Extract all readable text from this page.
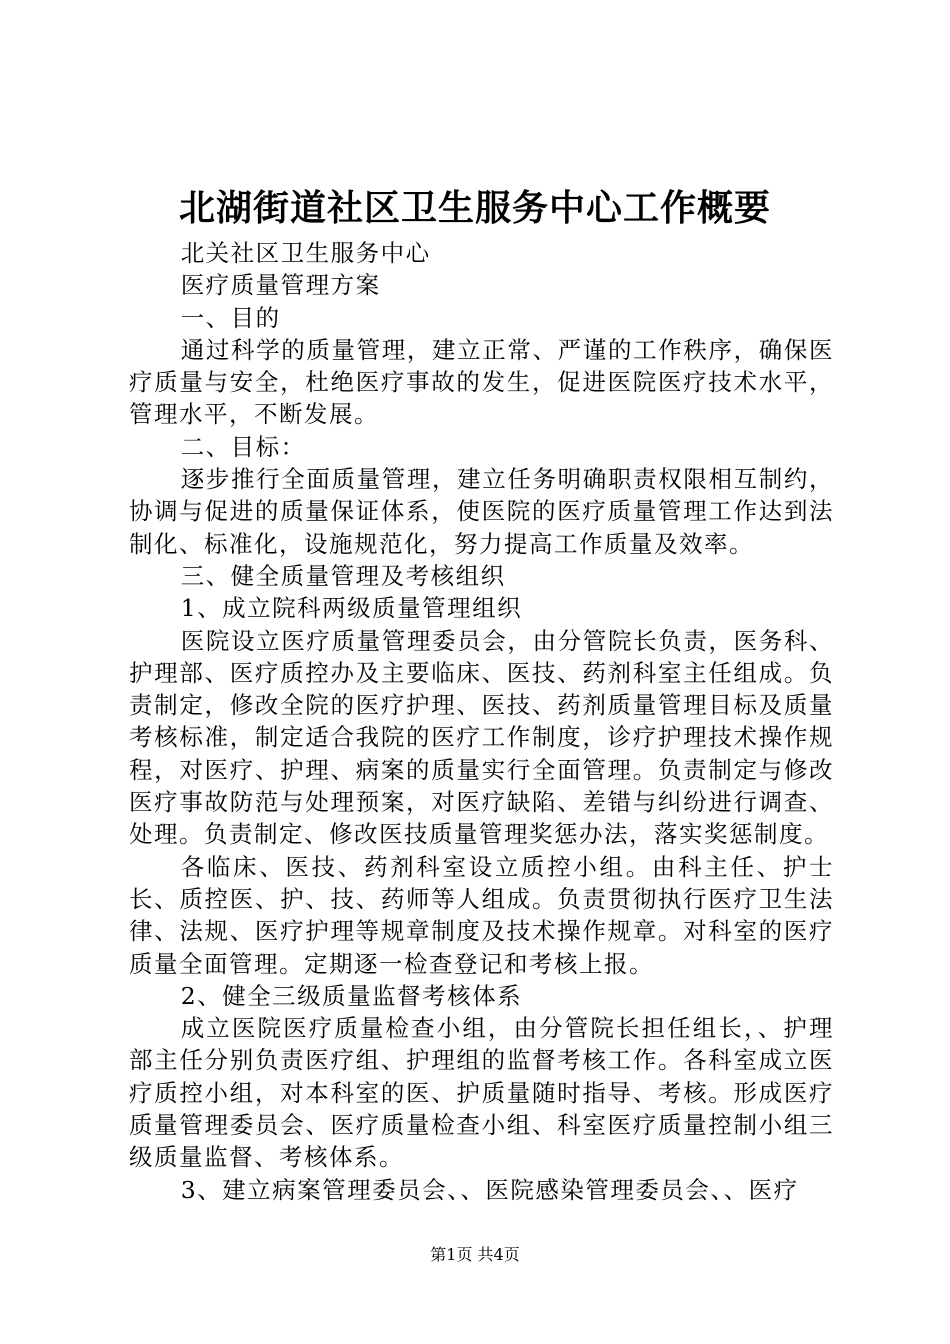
北湖街道社区卫生服务中心工作概要

北关社区卫生服务中心

医疗质量管理方案

一、目的

通过科学的质量管理，建立正常、严谨的工作秩序，确保医疗质量与安全，杜绝医疗事故的发生，促进医院医疗技术水平，管理水平，不断发展。

二、目标：

逐步推行全面质量管理，建立任务明确职责权限相互制约，协调与促进的质量保证体系，使医院的医疗质量管理工作达到法制化、标准化，设施规范化，努力提高工作质量及效率。

三、健全质量管理及考核组织

1、成立院科两级质量管理组织

医院设立医疗质量管理委员会，由分管院长负责，医务科、护理部、医疗质控办及主要临床、医技、药剂科室主任组成。负责制定，修改全院的医疗护理、医技、药剂质量管理目标及质量考核标准，制定适合我院的医疗工作制度，诊疗护理技术操作规程，对医疗、护理、病案的质量实行全面管理。负责制定与修改医疗事故防范与处理预案，对医疗缺陷、差错与纠纷进行调查、处理。负责制定、修改医技质量管理奖惩办法，落实奖惩制度。

各临床、医技、药剂科室设立质控小组。由科主任、护士长、质控医、护、技、药师等人组成。负责贯彻执行医疗卫生法律、法规、医疗护理等规章制度及技术操作规章。对科室的医疗质量全面管理。定期逐一检查登记和考核上报。

2、健全三级质量监督考核体系

成立医院医疗质量检查小组，由分管院长担任组长，、护理部主任分别负责医疗组、护理组的监督考核工作。各科室成立医疗质控小组，对本科室的医、护质量随时指导、考核。形成医疗质量管理委员会、医疗质量检查小组、科室医疗质量控制小组三级质量监督、考核体系。

3、建立病案管理委员会、、医院感染管理委员会、、医疗

第1页 共4页
